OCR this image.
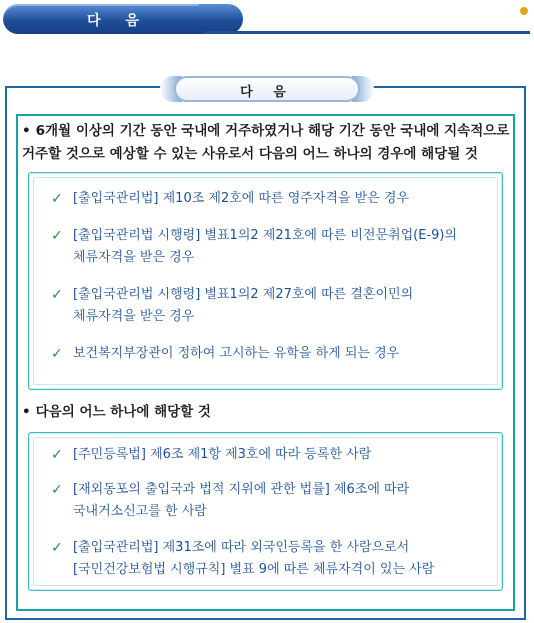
다 음
다 음
• 6개월 이상의 기간 동안 국내에 거주하였거나 해당 기간 동안 국내에 지속적으로
거주할 것으로 예상할 수 있는 사유로서 다음의 어느 하나의 경우에 해당될 것
✓ [출입국관리법] 제10조 제2호에 따른 영주자격을 받은 경우
✓ [출입국관리법 시행령] 별표1의2 제21호에 따른 비전문취업(E-9)의
체류자격을 받은 경우
✓ [출입국관리법 시행령] 별표1의2 제27호에 따른 결혼이민의
체류자격을 받은 경우
✓ 보건복지부장관이 정하여 고시하는 유학을 하게 되는 경우
• 다음의 어느 하나에 해당할 것
✓ [주민등록법] 제6조 제1항 제3호에 따라 등록한 사람
✓ [재외동포의 출입국과 법적 지위에 관한 법률] 제6조에 따라
국내거소신고를 한 사람
✓ [출입국관리법] 제31조에 따라 외국인등록을 한 사람으로서
[국민건강보험법 시행규칙] 별표 9에 따른 체류자격이 있는 사람
